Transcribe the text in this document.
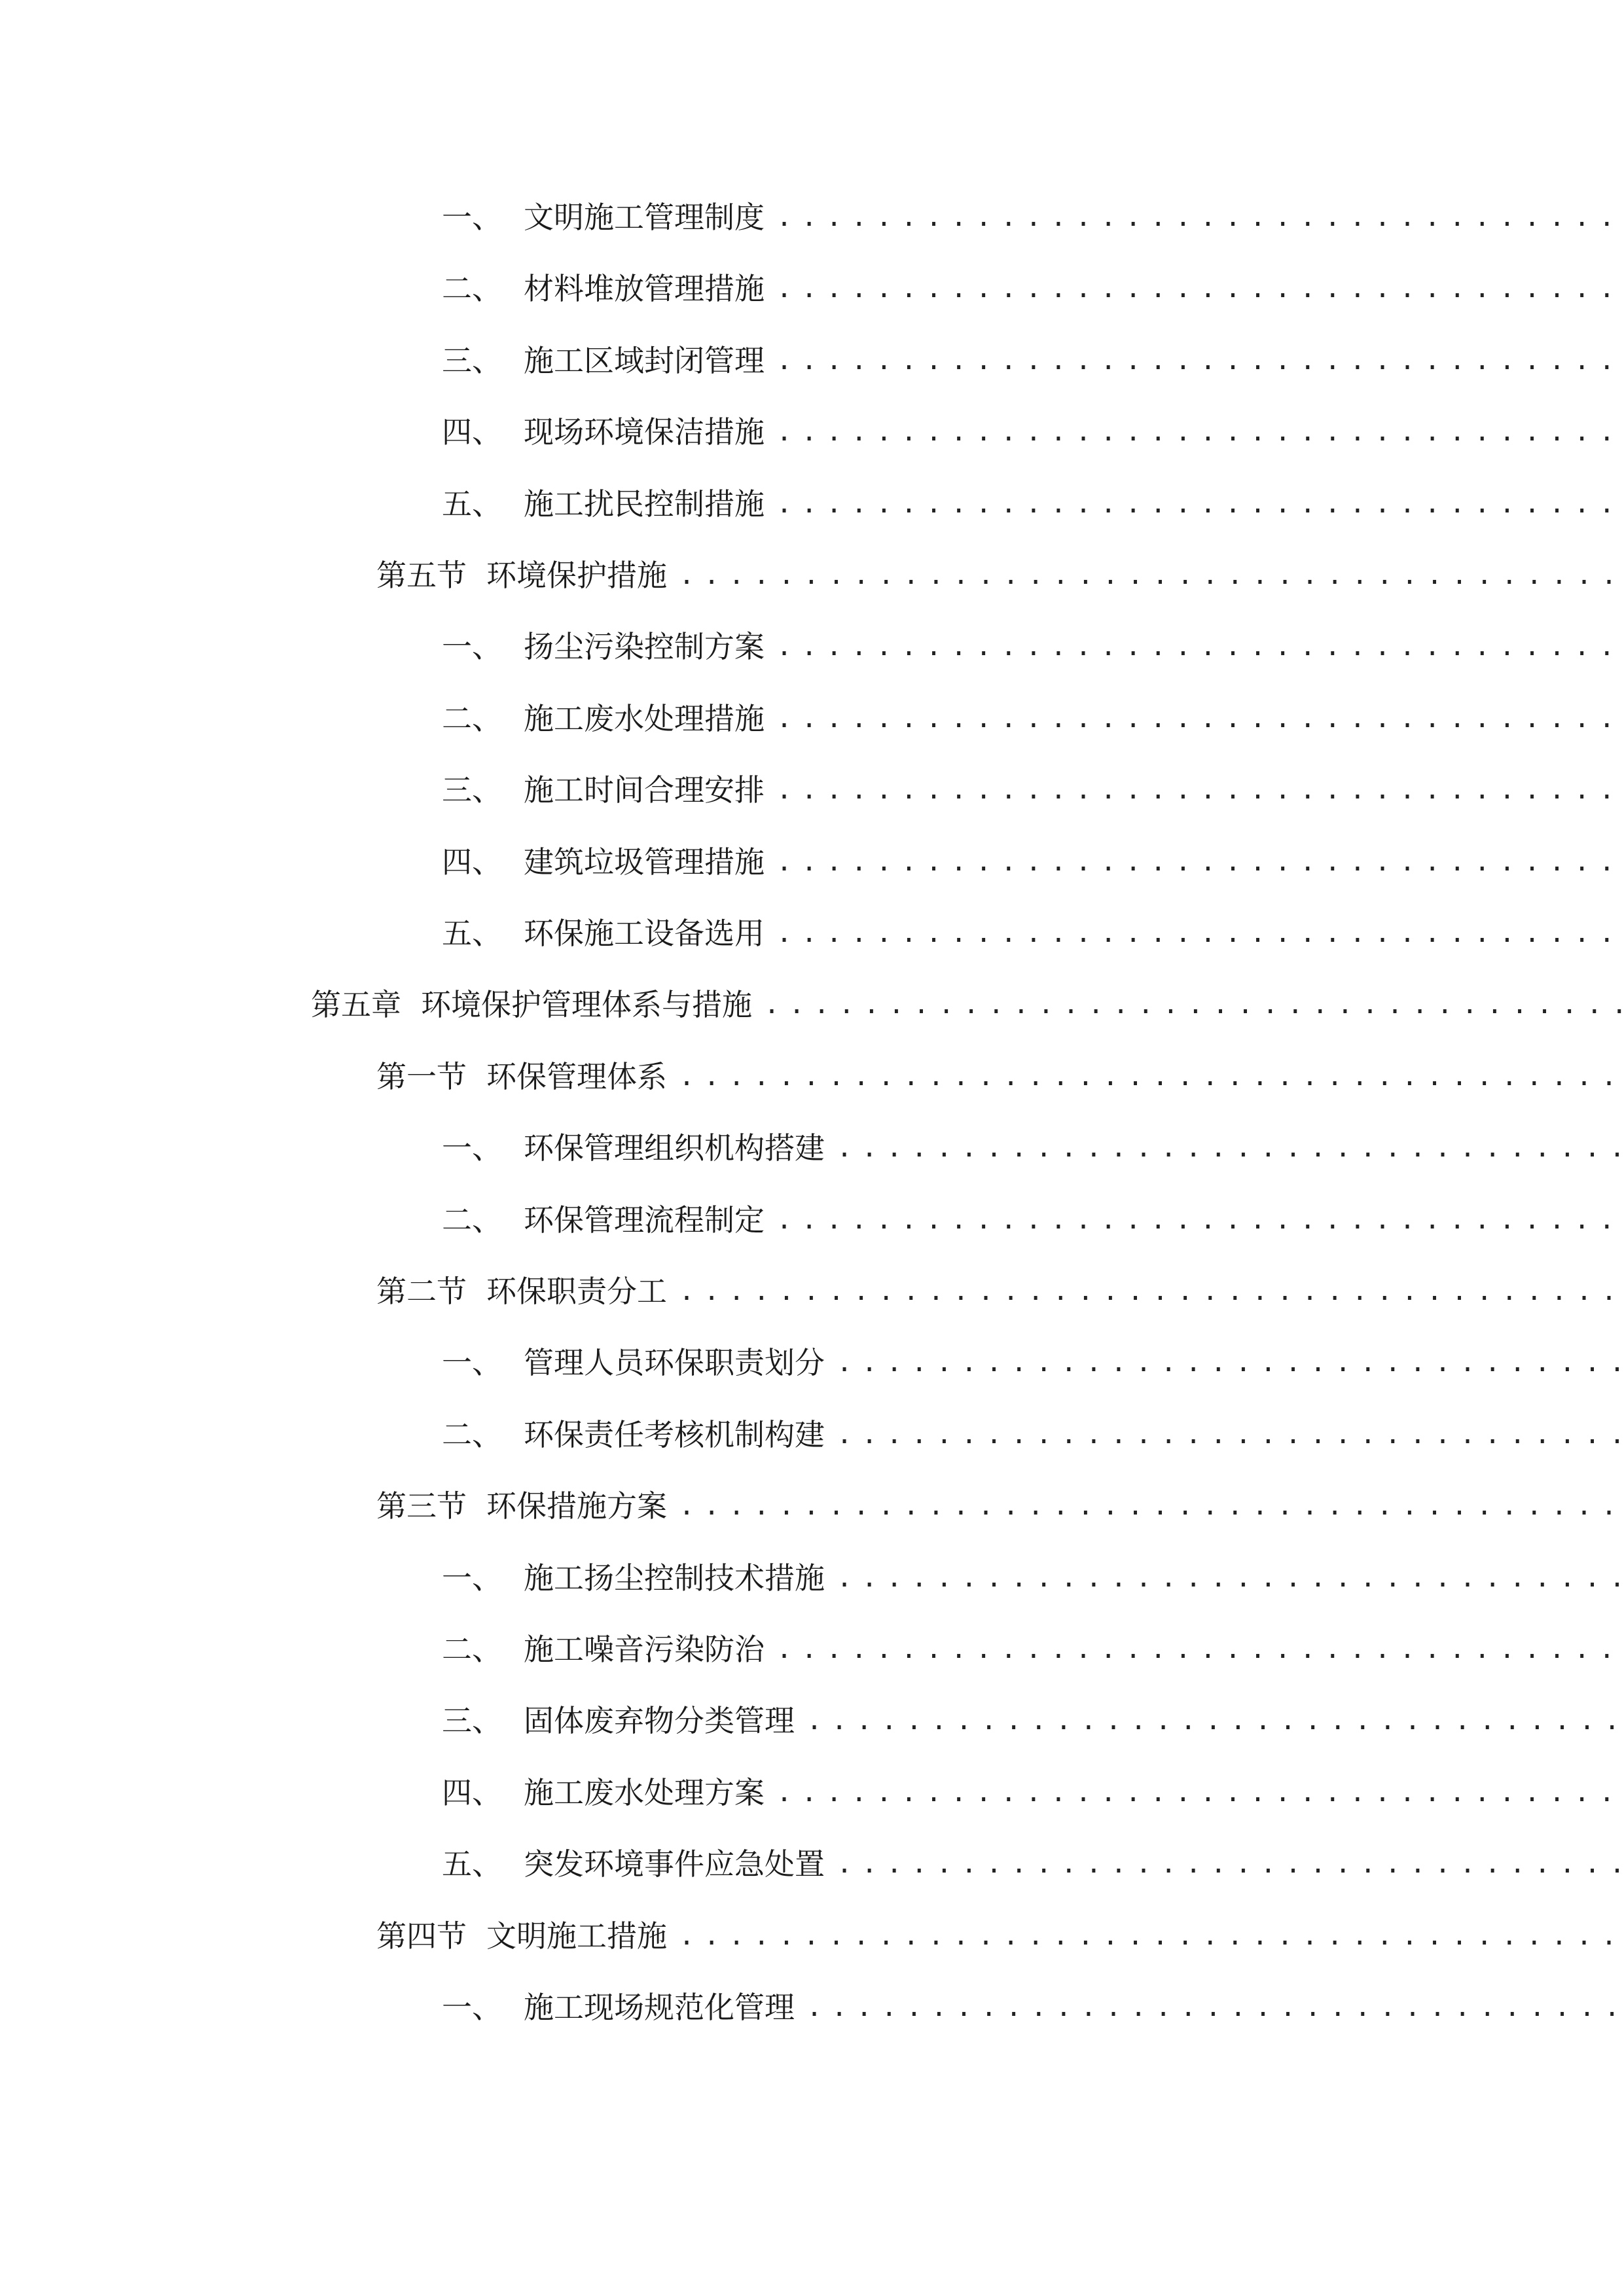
一、 文明施工管理制度
.....
二、 材料堆放管理措施
.....
三、 施工区域封闭管理
.....
四、 现场环境保洁措施
.....
五、 施工扰民控制措施
.....
第五节 环境保护措施
.....
一、 扬尘污染控制方案
.....
二、 施工废水处理措施
.....
三、 施工时间合理安排
.....
四、 建筑垃圾管理措施
.....
五、 环保施工设备选用
.....
第五章 环境保护管理体系与措施
.....
第一节 环保管理体系
.....
一、 环保管理组织机构搭建
.....
二、 环保管理流程制定
.....
第二节 环保职责分工
.....
一、 管理人员环保职责划分
.....
二、 环保责任考核机制构建
.....
第三节 环保措施方案
.....
一、 施工扬尘控制技术措施
.....
二、 施工噪音污染防治
.....
三、 固体废弃物分类管理
.....
四、 施工废水处理方案
.....
五、 突发环境事件应急处置
.....
第四节 文明施工措施
.....
一、 施工现场规范化管理
.....
